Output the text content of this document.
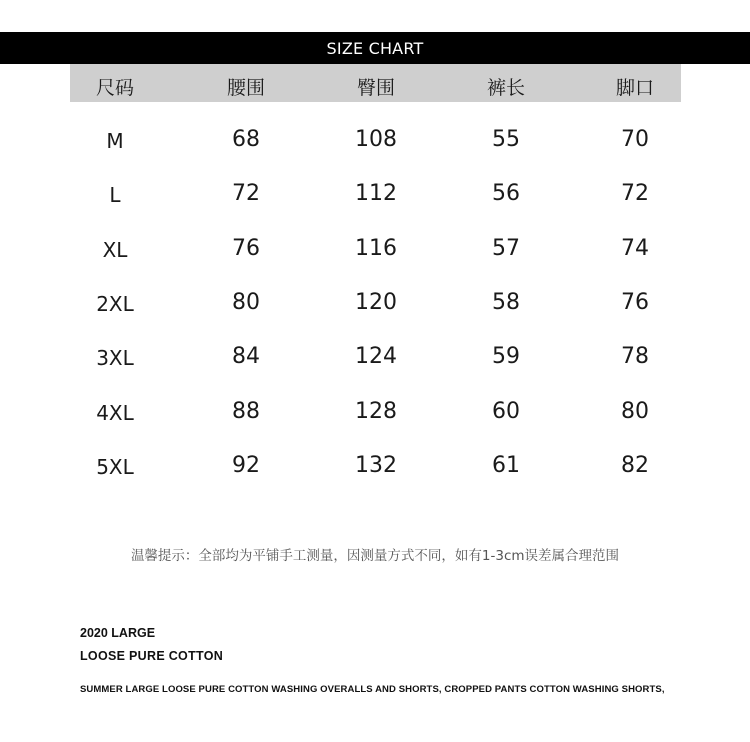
SIZE CHART
尺码	腰围	臀围	裤长	脚口
M	68	108	55	70
L	72	112	56	72
XL	76	116	57	74
2XL	80	120	58	76
3XL	84	124	59	78
4XL	88	128	60	80
5XL	92	132	61	82
温馨提示：全部均为平铺手工测量，因测量方式不同，如有1-3cm误差属合理范围
2020 LARGE
LOOSE PURE COTTON
SUMMER LARGE LOOSE PURE COTTON WASHING OVERALLS AND SHORTS, CROPPED PANTS COTTON WASHING SHORTS,
